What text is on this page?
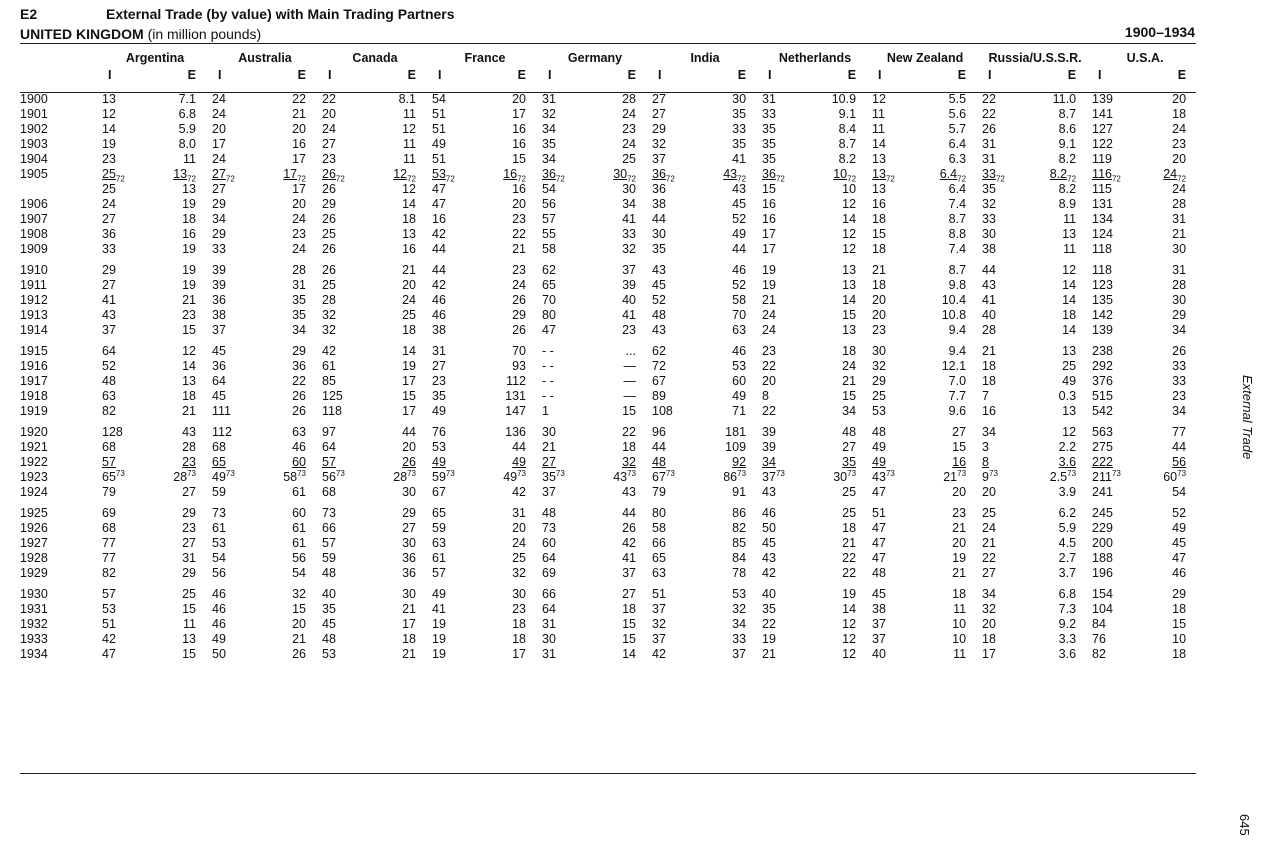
E2	External Trade (by value) with Main Trading Partners
UNITED KINGDOM (in million pounds)	1900–1934
External Trade
645
	Argentina		Australia		Canada		France		Germany		India		Netherlands		New Zealand		Russia/U.S.S.R.		U.S.A.	
	I	E	I	E	I	E	I	E	I	E	I	E	I	E	I	E	I	E	I	E
1900	13	7.1	24	22	22	8.1	54	20	31	28	27	30	31	10.9	12	5.5	22	11.0	139	20
1901	12	6.8	24	21	20	11	51	17	32	24	27	35	33	9.1	11	5.6	22	8.7	141	18
1902	14	5.9	20	20	24	12	51	16	34	23	29	33	35	8.4	11	5.7	26	8.6	127	24
1903	19	8.0	17	16	27	11	49	16	35	24	32	35	35	8.7	14	6.4	31	9.1	122	23
1904	23	11	24	17	23	11	51	15	34	25	37	41	35	8.2	13	6.3	31	8.2	119	20
1905	$25_{72}$	$13_{72}$	$27_{72}$	$17_{72}$	$26_{72}$	$12_{72}$	$53_{72}$	$16_{72}$	$36_{72}$	$30_{72}$	$36_{72}$	$43_{72}$	$36_{72}$	$10_{72}$	$13_{72}$	$6.4_{72}$	$33_{72}$	$8.2_{72}$	$116_{72}$	$24_{72}$
	25	13	27	17	26	12	47	16	54	30	36	43	15	10	13	6.4	35	8.2	115	24
1906	24	19	29	20	29	14	47	20	56	34	38	45	16	12	16	7.4	32	8.9	131	28
1907	27	18	34	24	26	18	16	23	57	41	44	52	16	14	18	8.7	33	11	134	31
1908	36	16	29	23	25	13	42	22	55	33	30	49	17	12	15	8.8	30	13	124	21
1909	33	19	33	24	26	16	44	21	58	32	35	44	17	12	18	7.4	38	11	118	30
1910	29	19	39	28	26	21	44	23	62	37	43	46	19	13	21	8.7	44	12	118	31
1911	27	19	39	31	25	20	42	24	65	39	45	52	19	13	18	9.8	43	14	123	28
1912	41	21	36	35	28	24	46	26	70	40	52	58	21	14	20	10.4	41	14	135	30
1913	43	23	38	35	32	25	46	29	80	41	48	70	24	15	20	10.8	40	18	142	29
1914	37	15	37	34	32	18	38	26	47	23	43	63	24	13	23	9.4	28	14	139	34
1915	64	12	45	29	42	14	31	70	- -	...	62	46	23	18	30	9.4	21	13	238	26
1916	52	14	36	36	61	19	27	93	- -	—	72	53	22	24	32	12.1	18	25	292	33
1917	48	13	64	22	85	17	23	112	- -	—	67	60	20	21	29	7.0	18	49	376	33
1918	63	18	45	26	125	15	35	131	- -	—	89	49	8	15	25	7.7	7	0.3	515	23
1919	82	21	111	26	118	17	49	147	1	15	108	71	22	34	53	9.6	16	13	542	34
1920	128	43	112	63	97	44	76	136	30	22	96	181	39	48	48	27	34	12	563	77
1921	68	28	68	46	64	20	53	44	21	18	44	109	39	27	49	15	3	2.2	275	44
1922	57	23	65	60	57	26	49	49	27	32	48	92	34	35	49	16	8	3.6	222	56
1923	$65^{73}$	$28^{73}$	$49^{73}$	$58^{73}$	$56^{73}$	$28^{73}$	$59^{73}$	$49^{73}$	$35^{73}$	$43^{73}$	$67^{73}$	$86^{73}$	$37^{73}$	$30^{73}$	$43^{73}$	$21^{73}$	$9^{73}$	$2.5^{73}$	$211^{73}$	$60^{73}$
1924	79	27	59	61	68	30	67	42	37	43	79	91	43	25	47	20	20	3.9	241	54
1925	69	29	73	60	73	29	65	31	48	44	80	86	46	25	51	23	25	6.2	245	52
1926	68	23	61	61	66	27	59	20	73	26	58	82	50	18	47	21	24	5.9	229	49
1927	77	27	53	61	57	30	63	24	60	42	66	85	45	21	47	20	21	4.5	200	45
1928	77	31	54	56	59	36	61	25	64	41	65	84	43	22	47	19	22	2.7	188	47
1929	82	29	56	54	48	36	57	32	69	37	63	78	42	22	48	21	27	3.7	196	46
1930	57	25	46	32	40	30	49	30	66	27	51	53	40	19	45	18	34	6.8	154	29
1931	53	15	46	15	35	21	41	23	64	18	37	32	35	14	38	11	32	7.3	104	18
1932	51	11	46	20	45	17	19	18	31	15	32	34	22	12	37	10	20	9.2	84	15
1933	42	13	49	21	48	18	19	18	30	15	37	33	19	12	37	10	18	3.3	76	10
1934	47	15	50	26	53	21	19	17	31	14	42	37	21	12	40	11	17	3.6	82	18
